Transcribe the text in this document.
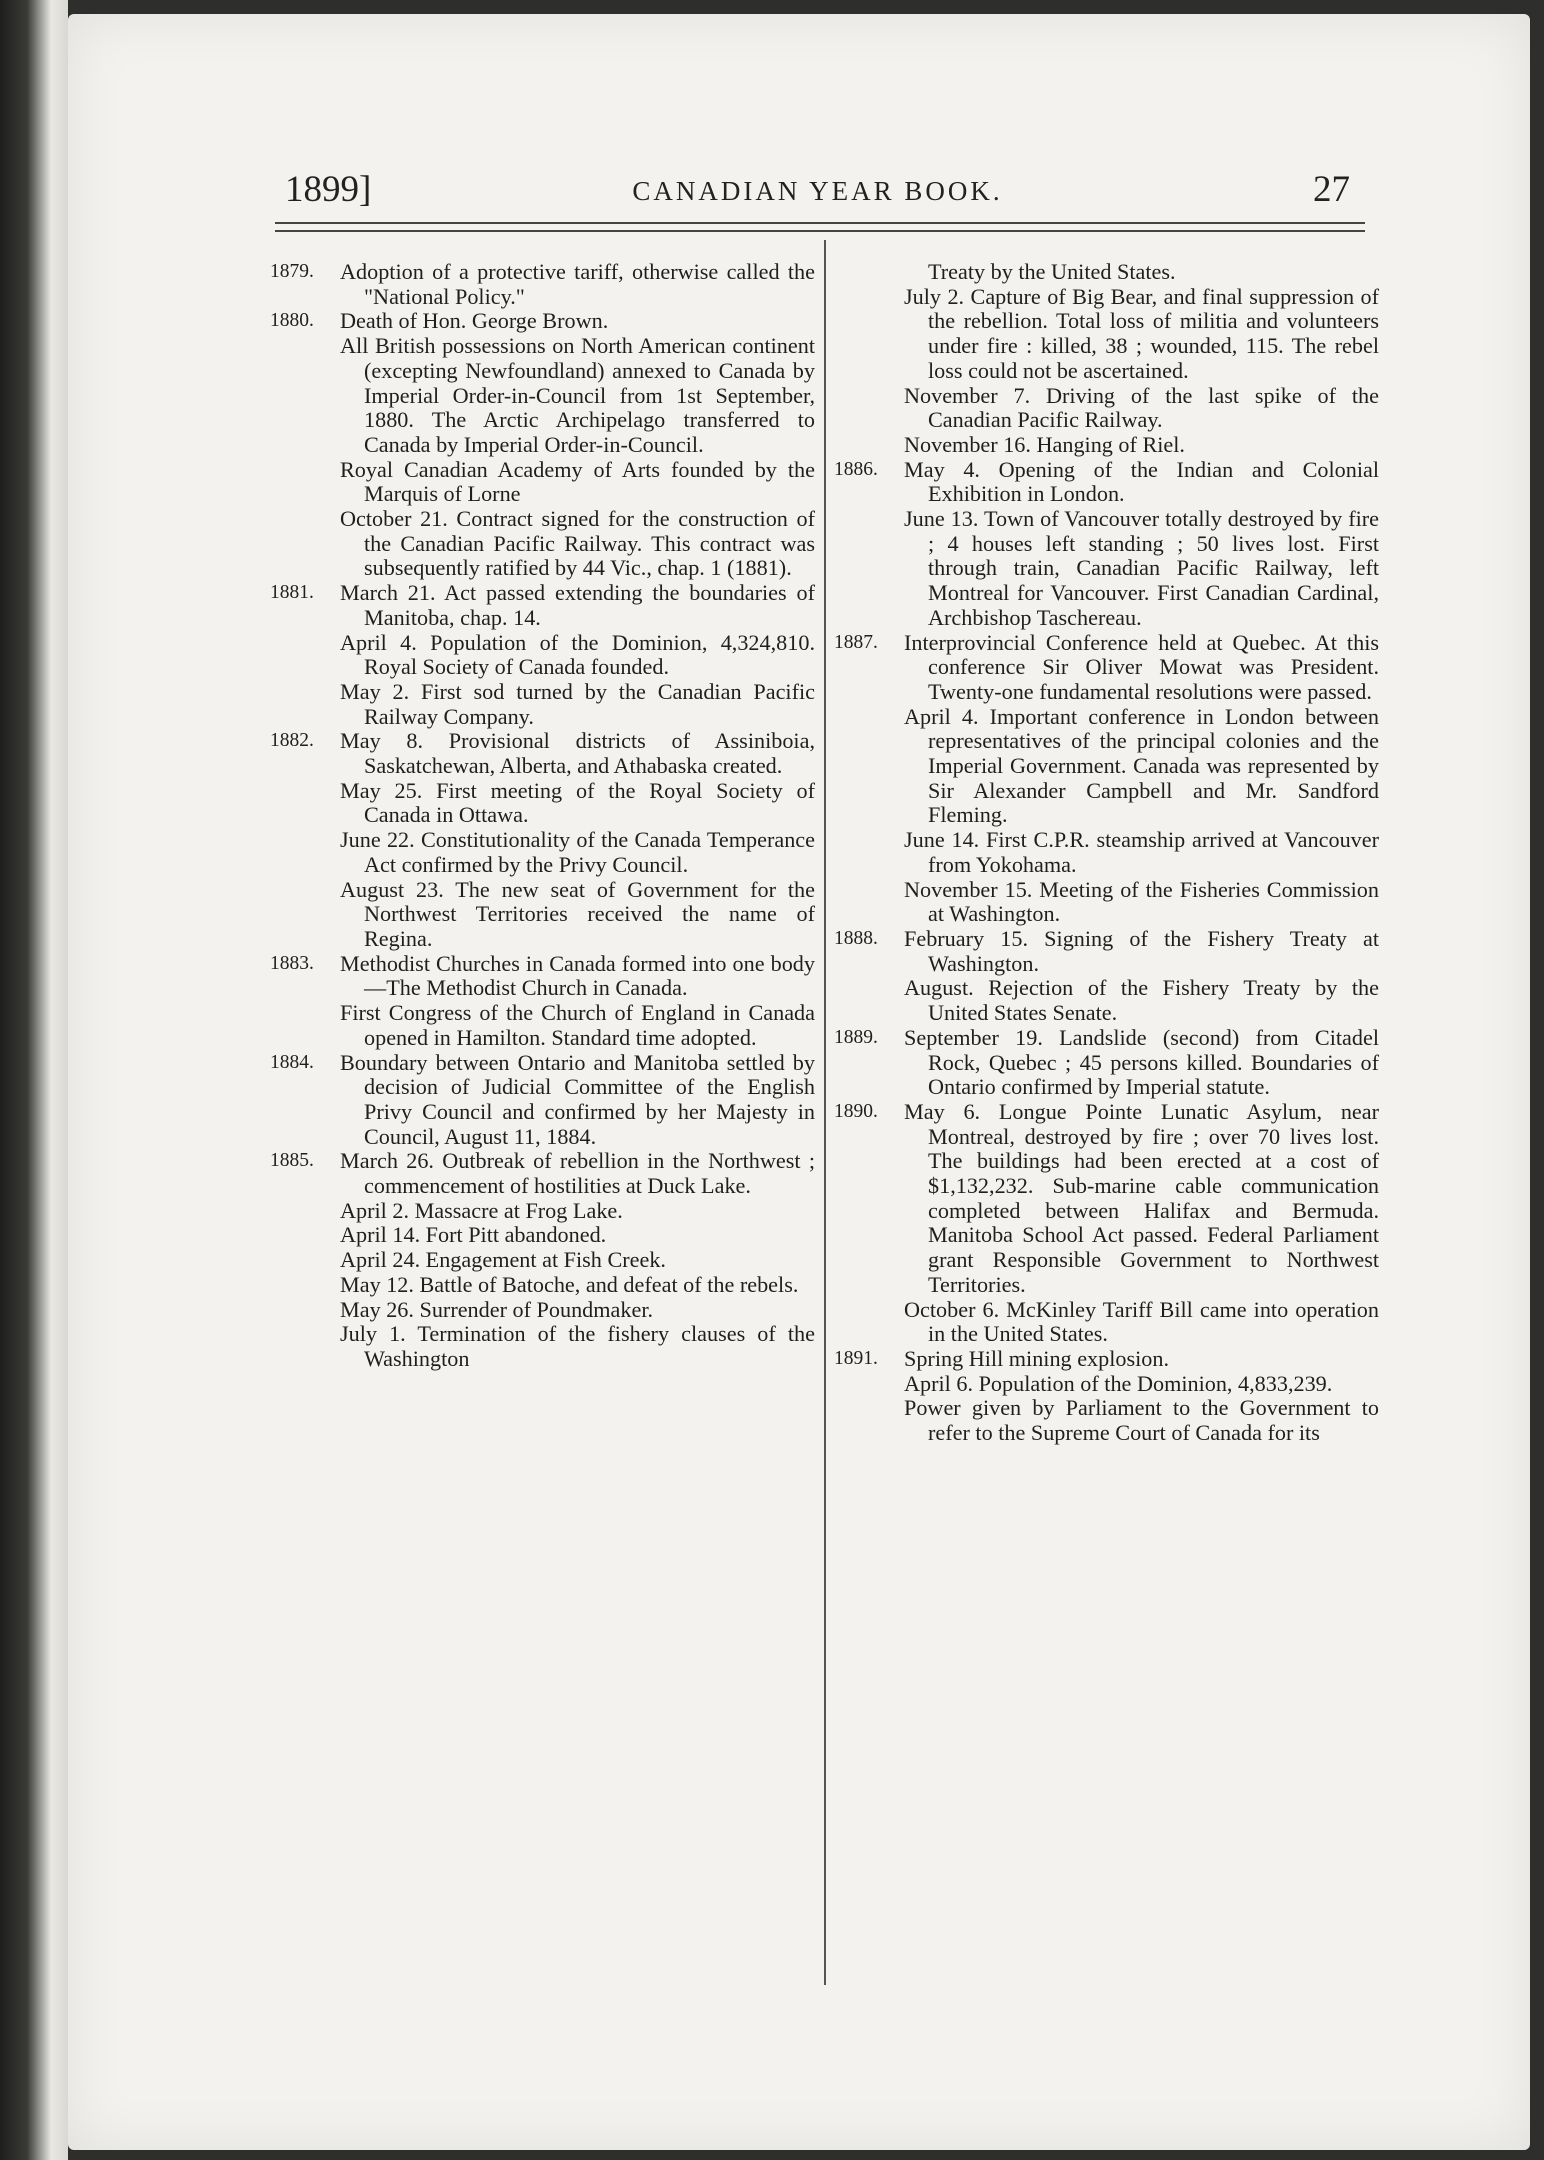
1899]	CANADIAN YEAR BOOK.	27
1879.	Adoption of a protective tariff, otherwise called the "National Policy."

1880.	Death of Hon. George Brown.

All British possessions on North American continent (excepting Newfoundland) annexed to Canada by Imperial Order-in-Council from 1st September, 1880. The Arctic Archipelago transferred to Canada by Imperial Order-in-Council.

Royal Canadian Academy of Arts founded by the Marquis of Lorne

October 21. Contract signed for the construction of the Canadian Pacific Railway. This contract was subsequently ratified by 44 Vic., chap. 1 (1881).

1881.	March 21. Act passed extending the boundaries of Manitoba, chap. 14.

April 4. Population of the Dominion, 4,324,810. Royal Society of Canada founded.

May 2. First sod turned by the Canadian Pacific Railway Company.

1882.	May 8. Provisional districts of Assiniboia, Saskatchewan, Alberta, and Athabaska created.

May 25. First meeting of the Royal Society of Canada in Ottawa.

June 22. Constitutionality of the Canada Temperance Act confirmed by the Privy Council.

August 23. The new seat of Government for the Northwest Territories received the name of Regina.

1883.	Methodist Churches in Canada formed into one body—The Methodist Church in Canada.

First Congress of the Church of England in Canada opened in Hamilton. Standard time adopted.

1884.	Boundary between Ontario and Manitoba settled by decision of Judicial Committee of the English Privy Council and confirmed by her Majesty in Council, August 11, 1884.

1885.	March 26. Outbreak of rebellion in the Northwest ; commencement of hostilities at Duck Lake.

April 2. Massacre at Frog Lake.

April 14. Fort Pitt abandoned.

April 24. Engagement at Fish Creek.

May 12. Battle of Batoche, and defeat of the rebels.

May 26. Surrender of Poundmaker.

July 1. Termination of the fishery clauses of the Washington

Treaty by the United States.

July 2. Capture of Big Bear, and final suppression of the rebellion. Total loss of militia and volunteers under fire : killed, 38 ; wounded, 115. The rebel loss could not be ascertained.

November 7. Driving of the last spike of the Canadian Pacific Railway.

November 16. Hanging of Riel.

1886.	May 4. Opening of the Indian and Colonial Exhibition in London.

June 13. Town of Vancouver totally destroyed by fire ; 4 houses left standing ; 50 lives lost. First through train, Canadian Pacific Railway, left Montreal for Vancouver. First Canadian Cardinal, Archbishop Taschereau.

1887.	Interprovincial Conference held at Quebec. At this conference Sir Oliver Mowat was President. Twenty-one fundamental resolutions were passed.

April 4. Important conference in London between representatives of the principal colonies and the Imperial Government. Canada was represented by Sir Alexander Campbell and Mr. Sandford Fleming.

June 14. First C.P.R. steamship arrived at Vancouver from Yokohama.

November 15. Meeting of the Fisheries Commission at Washington.

1888.	February 15. Signing of the Fishery Treaty at Washington.

August. Rejection of the Fishery Treaty by the United States Senate.

1889.	September 19. Landslide (second) from Citadel Rock, Quebec ; 45 persons killed. Boundaries of Ontario confirmed by Imperial statute.

1890.	May 6. Longue Pointe Lunatic Asylum, near Montreal, destroyed by fire ; over 70 lives lost. The buildings had been erected at a cost of $1,132,232. Sub-marine cable communication completed between Halifax and Bermuda. Manitoba School Act passed. Federal Parliament grant Responsible Government to Northwest Territories.

October 6. McKinley Tariff Bill came into operation in the United States.

1891.	Spring Hill mining explosion.

April 6. Population of the Dominion, 4,833,239.

Power given by Parliament to the Government to refer to the Supreme Court of Canada for its
